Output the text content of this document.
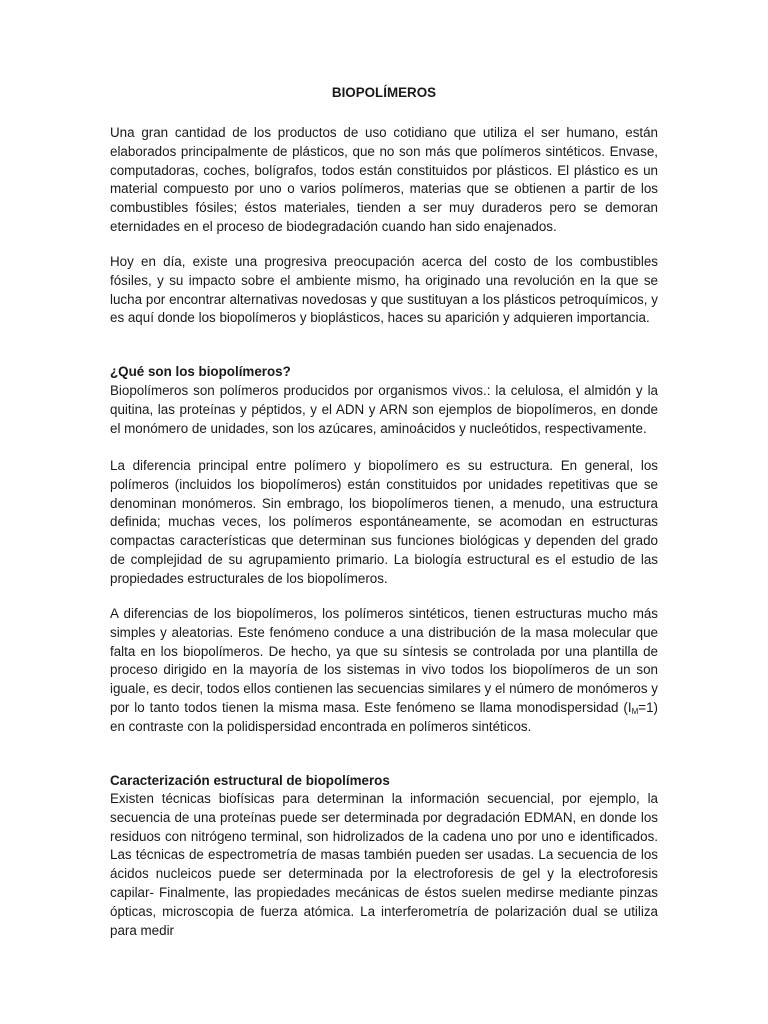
BIOPOLÍMEROS

Una gran cantidad de los productos de uso cotidiano que utiliza el ser humano, están elaborados principalmente de plásticos, que no son más que polímeros sintéticos. Envase, computadoras, coches, bolígrafos, todos están constituidos por plásticos. El plástico es un material compuesto por uno o varios polímeros, materias que se obtienen a partir de los combustibles fósiles; éstos materiales, tienden a ser muy duraderos pero se demoran eternidades en el proceso de biodegradación cuando han sido enajenados.

Hoy en día, existe una progresiva preocupación acerca del costo de los combustibles fósiles, y su impacto sobre el ambiente mismo, ha originado una revolución en la que se lucha por encontrar alternativas novedosas y que sustituyan a los plásticos petroquímicos, y es aquí donde los biopolímeros y bioplásticos, haces su aparición y adquieren importancia.

¿Qué son los biopolímeros?

Biopolímeros son polímeros producidos por organismos vivos.: la celulosa, el almidón y la quitina, las proteínas y péptidos, y el ADN y ARN son ejemplos de biopolímeros, en donde el monómero de unidades, son los azúcares, aminoácidos y nucleótidos, respectivamente.

La diferencia principal entre polímero y biopolímero es su estructura. En general, los polímeros (incluidos los biopolímeros) están constituidos por unidades repetitivas que se denominan monómeros. Sin embrago, los biopolímeros tienen, a menudo, una estructura definida; muchas veces, los polímeros espontáneamente, se acomodan en estructuras compactas características que determinan sus funciones biológicas y dependen del grado de complejidad de su agrupamiento primario. La biología estructural es el estudio de las propiedades estructurales de los biopolímeros.

A diferencias de los biopolímeros, los polímeros sintéticos, tienen estructuras mucho más simples y aleatorias. Este fenómeno conduce a una distribución de la masa molecular que falta en los biopolímeros. De hecho, ya que su síntesis se controlada por una plantilla de proceso dirigido en la mayoría de los sistemas in vivo todos los biopolímeros de un son iguale, es decir, todos ellos contienen las secuencias similares y el número de monómeros y por lo tanto todos tienen la misma masa. Este fenómeno se llama monodispersidad $(I_M=1)$ en contraste con la polidispersidad encontrada en polímeros sintéticos.

Caracterización estructural de biopolímeros

Existen técnicas biofísicas para determinan la información secuencial, por ejemplo, la secuencia de una proteínas puede ser determinada por degradación EDMAN, en donde los residuos con nitrógeno terminal, son hidrolizados de la cadena uno por uno e identificados. Las técnicas de espectrometría de masas también pueden ser usadas. La secuencia de los ácidos nucleicos puede ser determinada por la electroforesis de gel y la electroforesis capilar- Finalmente, las propiedades mecánicas de éstos suelen medirse mediante pinzas ópticas, microscopia de fuerza atómica. La interferometría de polarización dual se utiliza para medir
